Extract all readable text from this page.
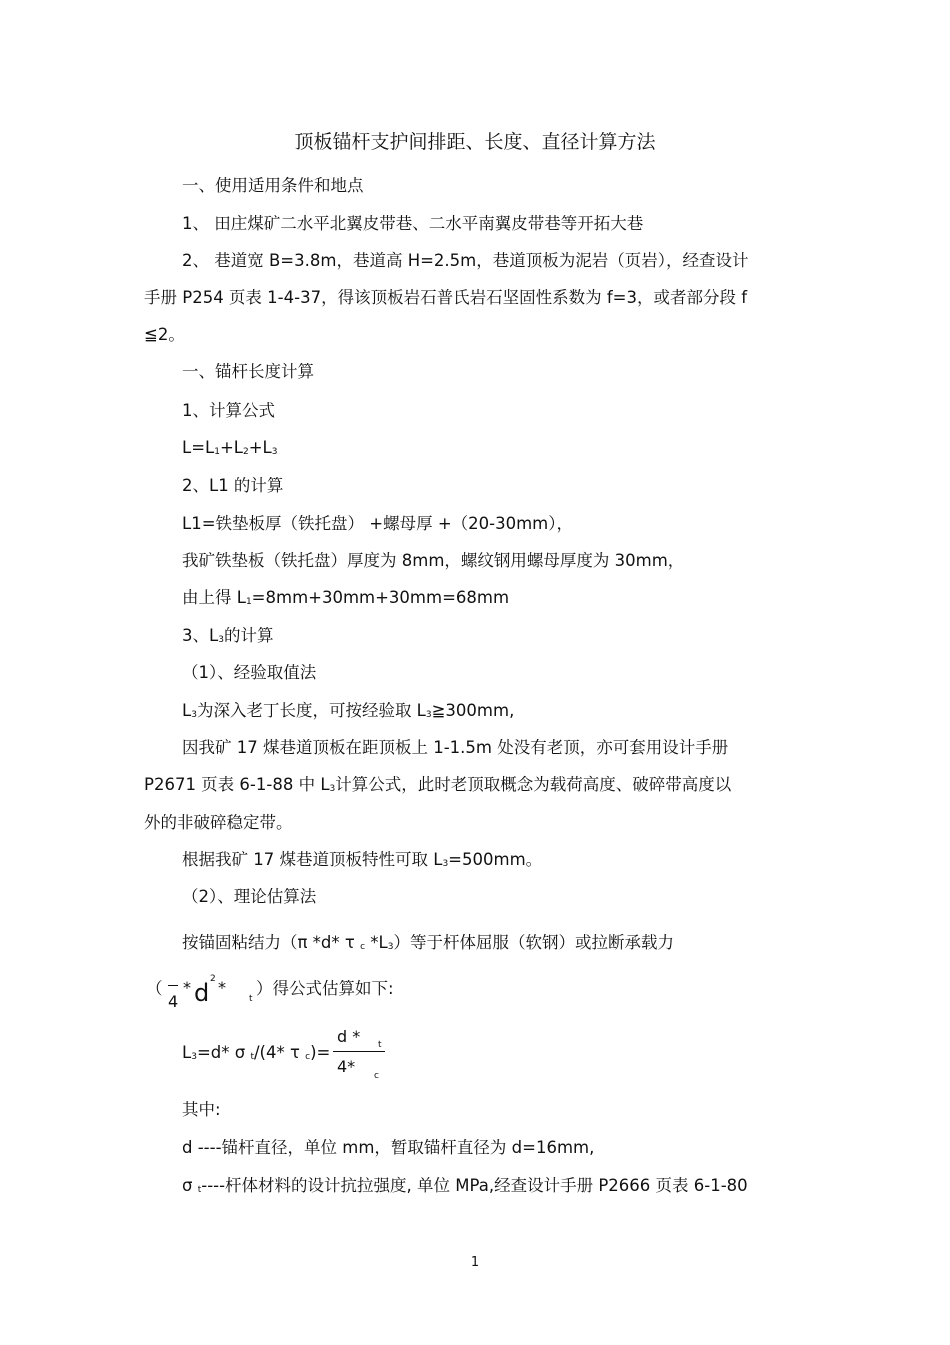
顶板锚杆支护间排距、长度、直径计算方法
一、使用适用条件和地点
1、 田庄煤矿二水平北翼皮带巷、二水平南翼皮带巷等开拓大巷
2、 巷道宽 B=3.8m，巷道高 H=2.5m，巷道顶板为泥岩（页岩），经查设计
手册 P254 页表 1-4-37，得该顶板岩石普氏岩石坚固性系数为 f=3，或者部分段 f
≦2。
一、锚杆长度计算
1、计算公式
L=L1+L2+L3
2、L1 的计算
L1=铁垫板厚（铁托盘） +螺母厚 +（20-30mm），
我矿铁垫板（铁托盘）厚度为 8mm，螺纹钢用螺母厚度为 30mm，
由上得 L1=8mm+30mm+30mm=68mm
3、L3的计算
（1）、经验取值法
L3为深入老丁长度，可按经验取 L3≧300mm,
因我矿 17 煤巷道顶板在距顶板上 1-1.5m 处没有老顶，亦可套用设计手册
P2671 页表 6-1-88 中 L3计算公式，此时老顶取概念为载荷高度、破碎带高度以
外的非破碎稳定带。
根据我矿 17 煤巷道顶板特性可取 L3=500mm。
（2）、理论估算法
按锚固粘结力（π *d* τ c *L3）等于杆体屈服（软钢）或拉断承载力
（
4
* d 2 *
t
）得公式估算如下:
L3=d* σ t/(4* τ c)=
d * t
4* c
其中:
d ----锚杆直径，单位 mm，暂取锚杆直径为 d=16mm,
σ t----杆体材料的设计抗拉强度, 单位 MPa,经查设计手册 P2666 页表 6-1-80
1
